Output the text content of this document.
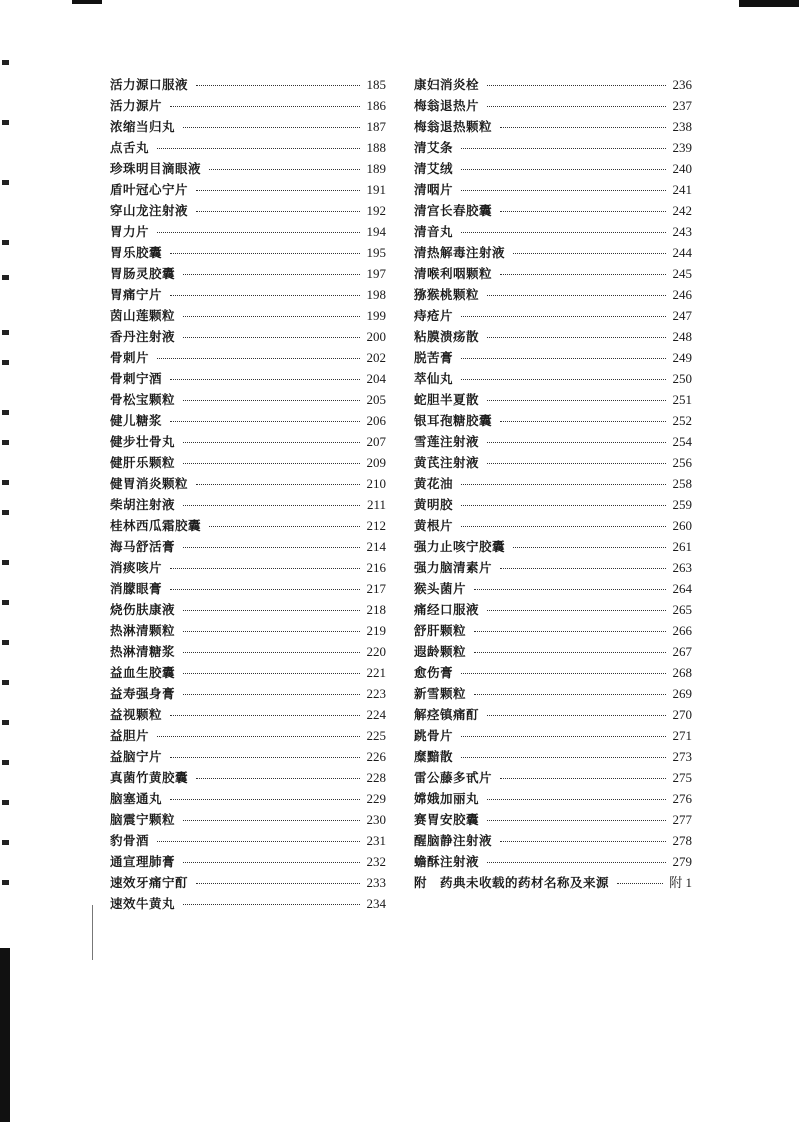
活力源口服液	185
活力源片	186
浓缩当归丸	187
点舌丸	188
珍珠明目滴眼液	189
盾叶冠心宁片	191
穿山龙注射液	192
胃力片	194
胃乐胶囊	195
胃肠灵胶囊	197
胃痛宁片	198
茵山莲颗粒	199
香丹注射液	200
骨刺片	202
骨刺宁酒	204
骨松宝颗粒	205
健儿糖浆	206
健步壮骨丸	207
健肝乐颗粒	209
健胃消炎颗粒	210
柴胡注射液	211
桂林西瓜霜胶囊	212
海马舒活膏	214
消痰咳片	216
消朦眼膏	217
烧伤肤康液	218
热淋清颗粒	219
热淋清糖浆	220
益血生胶囊	221
益寿强身膏	223
益视颗粒	224
益胆片	225
益脑宁片	226
真菌竹黄胶囊	228
脑塞通丸	229
脑震宁颗粒	230
豹骨酒	231
通宣理肺膏	232
速效牙痛宁酊	233
速效牛黄丸	234
康妇消炎栓	236
梅翁退热片	237
梅翁退热颗粒	238
清艾条	239
清艾绒	240
清咽片	241
清宫长春胶囊	242
清音丸	243
清热解毒注射液	244
清喉利咽颗粒	245
猕猴桃颗粒	246
痔疮片	247
粘膜溃疡散	248
脱苦膏	249
萃仙丸	250
蛇胆半夏散	251
银耳孢糖胶囊	252
雪莲注射液	254
黄芪注射液	256
黄花油	258
黄明胶	259
黄根片	260
强力止咳宁胶囊	261
强力脑清素片	263
猴头菌片	264
痛经口服液	265
舒肝颗粒	266
遐龄颗粒	267
愈伤膏	268
新雪颗粒	269
解痉镇痛酊	270
跳骨片	271
糜黯散	273
雷公藤多甙片	275
嫦娥加丽丸	276
赛胃安胶囊	277
醒脑静注射液	278
蟾酥注射液	279
附　药典未收载的药材名称及来源	附 1
